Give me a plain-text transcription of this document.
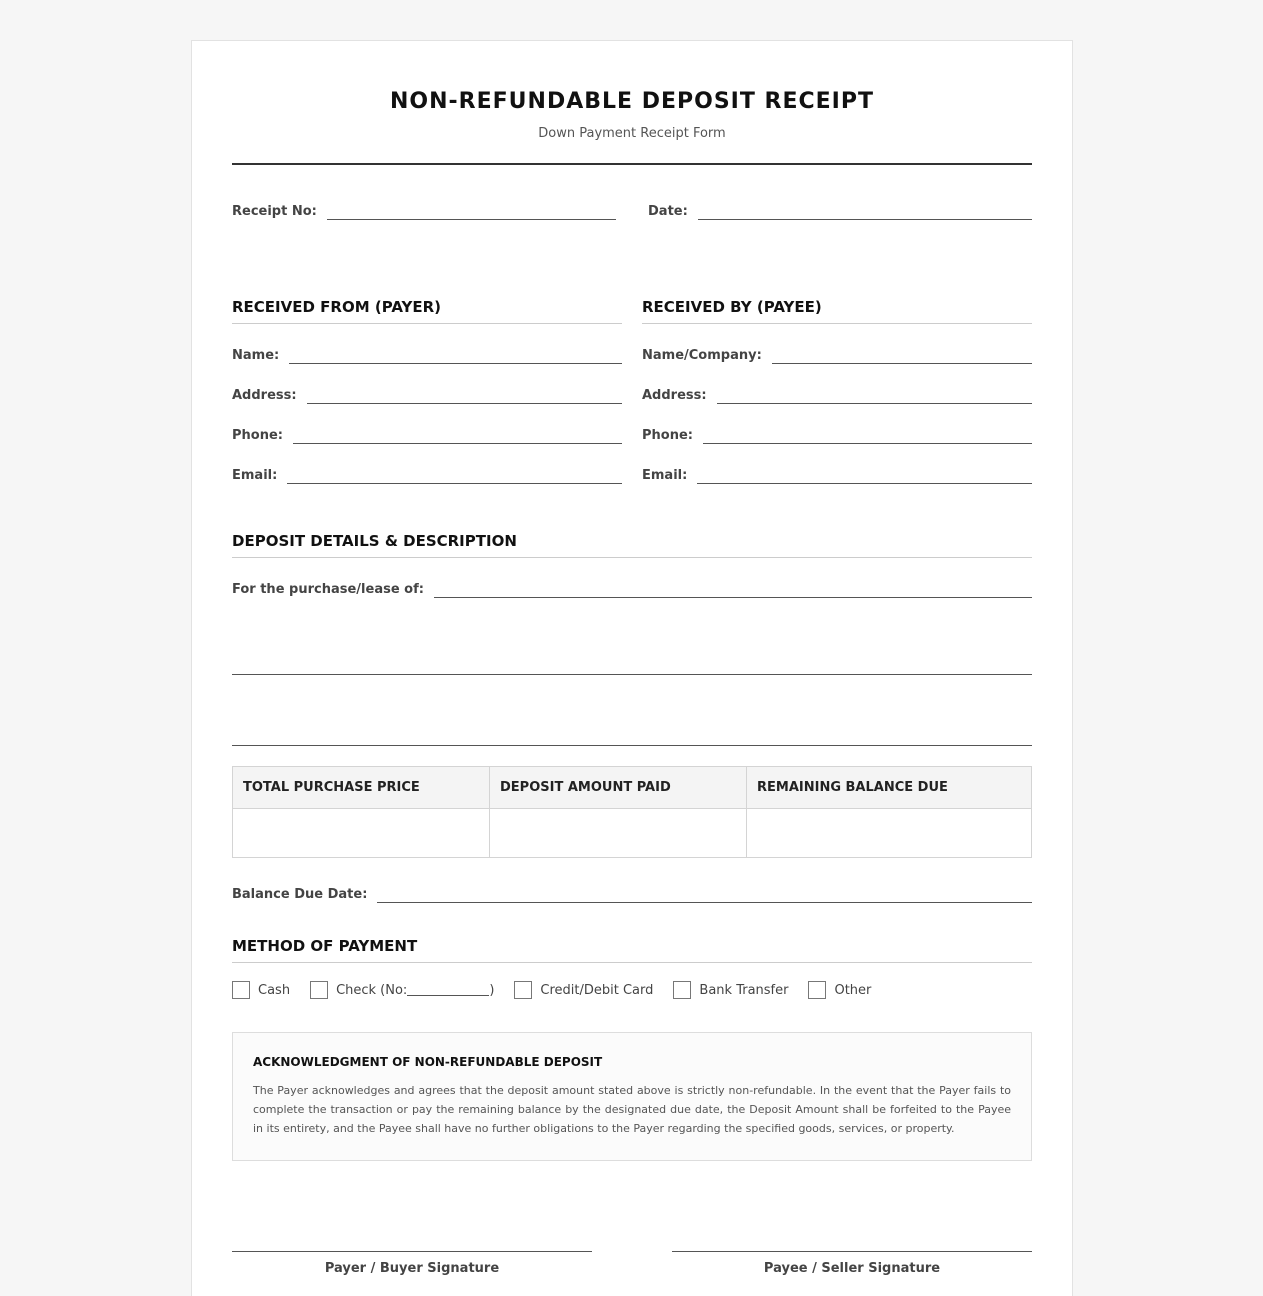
NON-REFUNDABLE DEPOSIT RECEIPT
Down Payment Receipt Form
Receipt No:	Date:
RECEIVED FROM (PAYER)
Name:
Address:
Phone:
Email:
RECEIVED BY (PAYEE)
Name/Company:
Address:
Phone:
Email:
DEPOSIT DETAILS & DESCRIPTION
For the purchase/lease of:
TOTAL PURCHASE PRICE	DEPOSIT AMOUNT PAID	REMAINING BALANCE DUE

Balance Due Date:
METHOD OF PAYMENT
Cash	Check (No:	)	Credit/Debit Card	Bank Transfer	Other
ACKNOWLEDGMENT OF NON-REFUNDABLE DEPOSIT
The Payer acknowledges and agrees that the deposit amount stated above is strictly non-refundable. In the event that the Payer fails to complete the transaction or pay the remaining balance by the designated due date, the Deposit Amount shall be forfeited to the Payee in its entirety, and the Payee shall have no further obligations to the Payer regarding the specified goods, services, or property.
Payer / Buyer Signature	Payee / Seller Signature
